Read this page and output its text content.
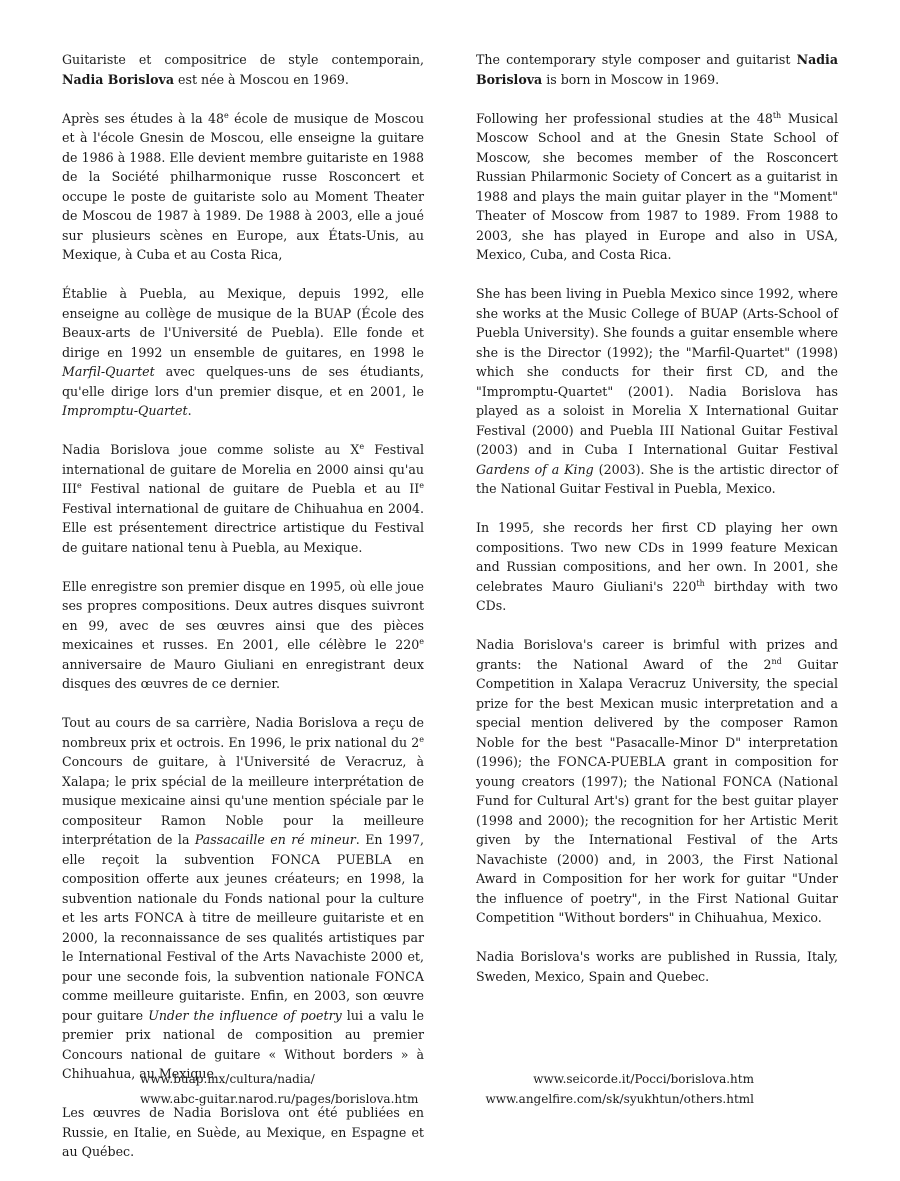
Guitariste et compositrice de style contemporain, Nadia Borislova est née à Moscou en 1969.

Après ses études à la 48e école de musique de Moscou et à l'école Gnesin de Moscou, elle enseigne la guitare de 1986 à 1988. Elle devient membre guitariste en 1988 de la Société philharmonique russe Rosconcert et occupe le poste de guitariste solo au Moment Theater de Moscou de 1987 à 1989. De 1988 à 2003, elle a joué sur plusieurs scènes en Europe, aux États-Unis, au Mexique, à Cuba et au Costa Rica,

Établie à Puebla, au Mexique, depuis 1992, elle enseigne au collège de musique de la BUAP (École des Beaux-arts de l'Université de Puebla). Elle fonde et dirige en 1992 un ensemble de guitares, en 1998 le Marfil-Quartet avec quelques-uns de ses étudiants, qu'elle dirige lors d'un premier disque, et en 2001, le Impromptu-Quartet.

Nadia Borislova joue comme soliste au Xe Festival international de guitare de Morelia en 2000 ainsi qu'au IIIe Festival national de guitare de Puebla et au IIe Festival international de guitare de Chihuahua en 2004. Elle est présentement directrice artistique du Festival de guitare national tenu à Puebla, au Mexique.

Elle enregistre son premier disque en 1995, où elle joue ses propres compositions. Deux autres disques suivront en 99, avec de ses œuvres ainsi que des pièces mexicaines et russes. En 2001, elle célèbre le 220e anniversaire de Mauro Giuliani en enregistrant deux disques des œuvres de ce dernier.

Tout au cours de sa carrière, Nadia Borislova a reçu de nombreux prix et octrois. En 1996, le prix national du 2e Concours de guitare, à l'Université de Veracruz, à Xalapa; le prix spécial de la meilleure interprétation de musique mexicaine ainsi qu'une mention spéciale par le compositeur Ramon Noble pour la meilleure interprétation de la Passacaille en ré mineur. En 1997, elle reçoit la subvention FONCA PUEBLA en composition offerte aux jeunes créateurs; en 1998, la subvention nationale du Fonds national pour la culture et les arts FONCA à titre de meilleure guitariste et en 2000, la reconnaissance de ses qualités artistiques par le International Festival of the Arts Navachiste 2000 et, pour une seconde fois, la subvention nationale FONCA comme meilleure guitariste. Enfin, en 2003, son œuvre pour guitare Under the influence of poetry lui a valu le premier prix national de composition au premier Concours national de guitare « Without borders » à Chihuahua, au Mexique.

Les œuvres de Nadia Borislova ont été publiées en Russie, en Italie, en Suède, au Mexique, en Espagne et au Québec.

The contemporary style composer and guitarist Nadia Borislova is born in Moscow in 1969.

Following her professional studies at the 48th Musical Moscow School and at the Gnesin State School of Moscow, she becomes member of the Rosconcert Russian Philarmonic Society of Concert as a guitarist in 1988 and plays the main guitar player in the "Moment" Theater of Moscow from 1987 to 1989. From 1988 to 2003, she has played in Europe and also in USA, Mexico, Cuba, and Costa Rica.

She has been living in Puebla Mexico since 1992, where she works at the Music College of BUAP (Arts-School of Puebla University). She founds a guitar ensemble where she is the Director (1992); the "Marfil-Quartet" (1998) which she conducts for their first CD, and the "Impromptu-Quartet" (2001). Nadia Borislova has played as a soloist in Morelia X International Guitar Festival (2000) and Puebla III National Guitar Festival (2003) and in Cuba I International Guitar Festival Gardens of a King (2003). She is the artistic director of the National Guitar Festival in Puebla, Mexico.

In 1995, she records her first CD playing her own compositions. Two new CDs in 1999 feature Mexican and Russian compositions, and her own. In 2001, she celebrates Mauro Giuliani's 220th birthday with two CDs.

Nadia Borislova's career is brimful with prizes and grants: the National Award of the 2nd Guitar Competition in Xalapa Veracruz University, the special prize for the best Mexican music interpretation and a special mention delivered by the composer Ramon Noble for the best "Pasacalle-Minor D" interpretation (1996); the FONCA-PUEBLA grant in composition for young creators (1997); the National FONCA (National Fund for Cultural Art's) grant for the best guitar player (1998 and 2000); the recognition for her Artistic Merit given by the International Festival of the Arts Navachiste (2000) and, in 2003, the First National Award in Composition for her work for guitar "Under the influence of poetry", in the First National Guitar Competition "Without borders" in Chihuahua, Mexico.

Nadia Borislova's works are published in Russia, Italy, Sweden, Mexico, Spain and Quebec.

www.buap.mx/cultura/nadia/
www.abc-guitar.narod.ru/pages/borislova.htm
www.seicorde.it/Pocci/borislova.htm
www.angelfire.com/sk/syukhtun/others.html
